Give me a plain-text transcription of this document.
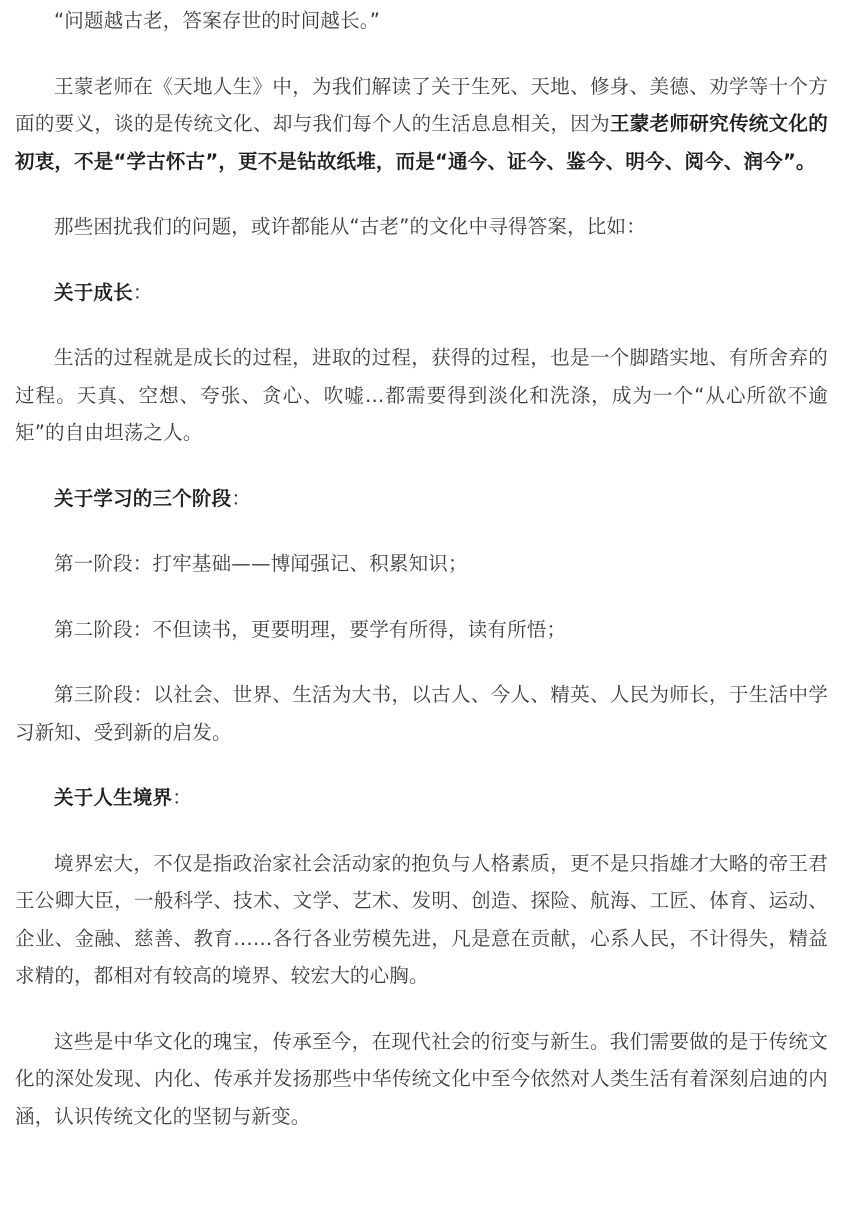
“问题越古老，答案存世的时间越长。”

王蒙老师在《天地人生》中，为我们解读了关于生死、天地、修身、美德、劝学等十个方面的要义，谈的是传统文化、却与我们每个人的生活息息相关，因为王蒙老师研究传统文化的初衷，不是“学古怀古”，更不是钻故纸堆，而是“通今、证今、鉴今、明今、阅今、润今”。

那些困扰我们的问题，或许都能从“古老”的文化中寻得答案，比如：

关于成长：

生活的过程就是成长的过程，进取的过程，获得的过程，也是一个脚踏实地、有所舍弃的过程。天真、空想、夸张、贪心、吹嘘…都需要得到淡化和洗涤，成为一个“从心所欲不逾矩”的自由坦荡之人。

关于学习的三个阶段：

第一阶段：打牢基础——博闻强记、积累知识；

第二阶段：不但读书，更要明理，要学有所得，读有所悟；

第三阶段：以社会、世界、生活为大书，以古人、今人、精英、人民为师长，于生活中学习新知、受到新的启发。

关于人生境界：

境界宏大，不仅是指政治家社会活动家的抱负与人格素质，更不是只指雄才大略的帝王君王公卿大臣，一般科学、技术、文学、艺术、发明、创造、探险、航海、工匠、体育、运动、企业、金融、慈善、教育……各行各业劳模先进，凡是意在贡献，心系人民，不计得失，精益求精的，都相对有较高的境界、较宏大的心胸。

这些是中华文化的瑰宝，传承至今，在现代社会的衍变与新生。我们需要做的是于传统文化的深处发现、内化、传承并发扬那些中华传统文化中至今依然对人类生活有着深刻启迪的内涵，认识传统文化的坚韧与新变。
